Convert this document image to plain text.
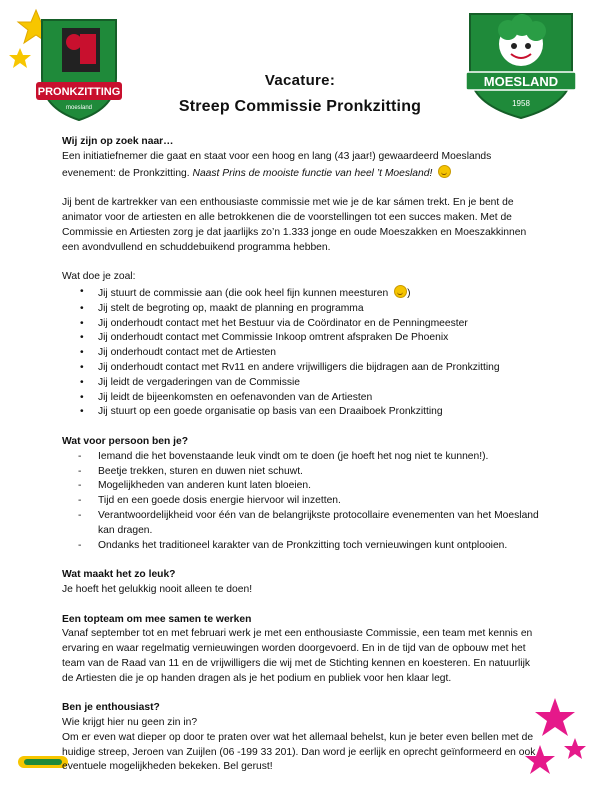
PRONKZITTING
moesland
MOESLAND
1958
Vacature:
Streep Commissie Pronkzitting

Wij zijn op zoek naar…

Een initiatiefnemer die gaat en staat voor een hoog en lang (43 jaar!) gewaardeerd Moeslands evenement: de Pronkzitting. Naast Prins de mooiste functie van heel ’t Moesland!

Jij bent de kartrekker van een enthousiaste commissie met wie je de kar sámen trekt. En je bent de animator voor de artiesten en alle betrokkenen die de voorstellingen tot een succes maken. Met de Commissie en Artiesten zorg je dat jaarlijks zo’n 1.333 jonge en oude Moeszakken en Moeszakkinnen een avondvullend en schuddebuikend programma hebben.

Wat doe je zoal:

• Jij stuurt de commissie aan (die ook heel fijn kunnen meesturen )
• Jij stelt de begroting op, maakt de planning en programma
• Jij onderhoudt contact met het Bestuur via de Coördinator en de Penningmeester
• Jij onderhoudt contact met Commissie Inkoop omtrent afspraken De Phoenix
• Jij onderhoudt contact met de Artiesten
• Jij onderhoudt contact met Rv11 en andere vrijwilligers die bijdragen aan de Pronkzitting
• Jij leidt de vergaderingen van de Commissie
• Jij leidt de bijeenkomsten en oefenavonden van de Artiesten
• Jij stuurt op een goede organisatie op basis van een Draaiboek Pronkzitting

Wat voor persoon ben je?

- Iemand die het bovenstaande leuk vindt om te doen (je hoeft het nog niet te kunnen!).
- Beetje trekken, sturen en duwen niet schuwt.
- Mogelijkheden van anderen kunt laten bloeien.
- Tijd en een goede dosis energie hiervoor wil inzetten.
- Verantwoordelijkheid voor één van de belangrijkste protocollaire evenementen van het Moesland kan dragen.
- Ondanks het traditioneel karakter van de Pronkzitting toch vernieuwingen kunt ontplooien.

Wat maakt het zo leuk?

Je hoeft het gelukkig nooit alleen te doen!

Een topteam om mee samen te werken

Vanaf september tot en met februari werk je met een enthousiaste Commissie, een team met kennis en ervaring en waar regelmatig vernieuwingen worden doorgevoerd. En in de tijd van de opbouw met het team van de Raad van 11 en de vrijwilligers die wij met de Stichting kennen en koesteren. En natuurlijk de Artiesten die je op handen dragen als je het podium en publiek voor hen klaar legt.

Ben je enthousiast?

Wie krijgt hier nu geen zin in?

Om er even wat dieper op door te praten over wat het allemaal behelst, kun je beter even bellen met de huidige streep, Jeroen van Zuijlen (06 -199 33 201). Dan word je eerlijk en oprecht geïnformeerd en ook eventuele mogelijkheden bekeken. Bel gerust!
